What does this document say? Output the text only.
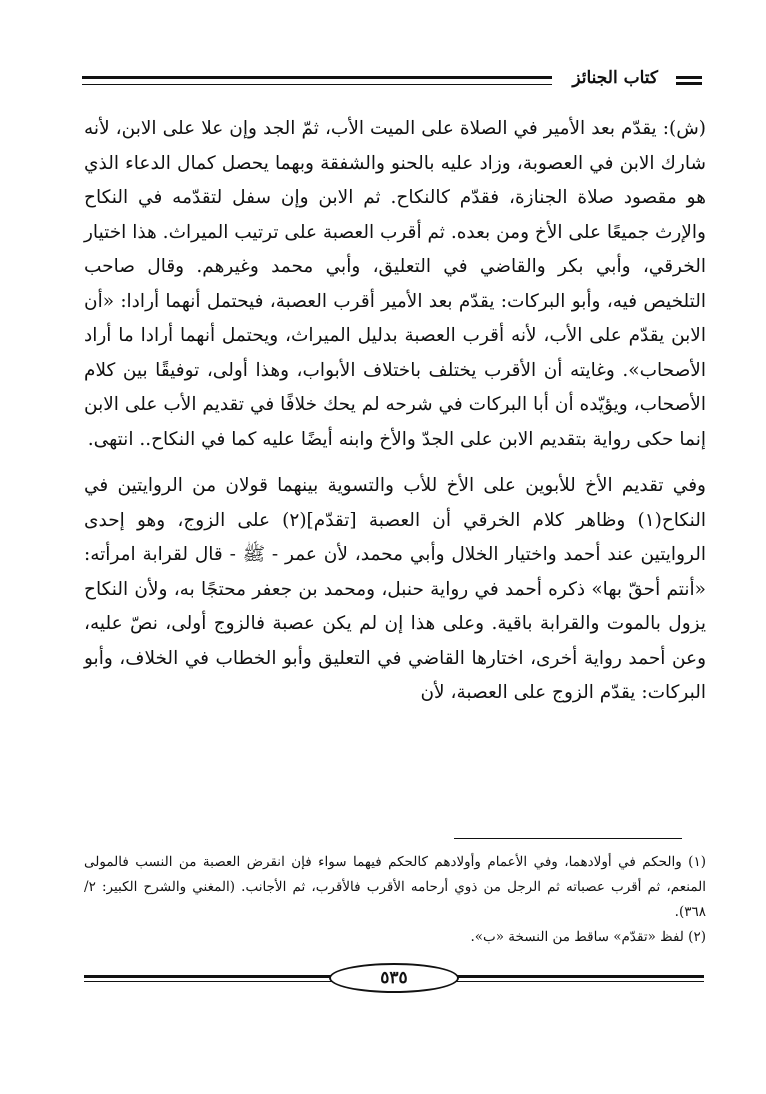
كتاب الجنائز

(ش): يقدّم بعد الأمير في الصلاة على الميت الأب، ثمّ الجد وإن علا على الابن، لأنه شارك الابن في العصوبة، وزاد عليه بالحنو والشفقة وبهما يحصل كمال الدعاء الذي هو مقصود صلاة الجنازة، فقدّم كالنكاح. ثم الابن وإن سفل لتقدّمه في النكاح والإرث جميعًا على الأخ ومن بعده. ثم أقرب العصبة على ترتيب الميراث. هذا اختيار الخرقي، وأبي بكر والقاضي في التعليق، وأبي محمد وغيرهم. وقال صاحب التلخيص فيه، وأبو البركات: يقدّم بعد الأمير أقرب العصبة، فيحتمل أنهما أرادا: «أن الابن يقدّم على الأب، لأنه أقرب العصبة بدليل الميراث، ويحتمل أنهما أرادا ما أراد الأصحاب». وغايته أن الأقرب يختلف باختلاف الأبواب، وهذا أولى، توفيقًا بين كلام الأصحاب، ويؤيّده أن أبا البركات في شرحه لم يحك خلافًا في تقديم الأب على الابن إنما حكى رواية بتقديم الابن على الجدّ والأخ وابنه أيضًا عليه كما في النكاح.. انتهى.

وفي تقديم الأخ للأبوين على الأخ للأب والتسوية بينهما قولان من الروايتين في النكاح(١) وظاهر كلام الخرقي أن العصبة [تقدّم](٢) على الزوج، وهو إحدى الروايتين عند أحمد واختيار الخلال وأبي محمد، لأن عمر - ﷺ - قال لقرابة امرأته: «أنتم أحقّ بها» ذكره أحمد في رواية حنبل، ومحمد بن جعفر محتجًا به، ولأن النكاح يزول بالموت والقرابة باقية. وعلى هذا إن لم يكن عصبة فالزوج أولى، نصّ عليه، وعن أحمد رواية أخرى، اختارها القاضي في التعليق وأبو الخطاب في الخلاف، وأبو البركات: يقدّم الزوج على العصبة، لأن

(١) والحكم في أولادهما، وفي الأعمام وأولادهم كالحكم فيهما سواء فإن انقرض العصبة من النسب فالمولى المنعم، ثم أقرب عصباته ثم الرجل من ذوي أرحامه الأقرب فالأقرب، ثم الأجانب. (المغني والشرح الكبير: ٢/ ٣٦٨).

(٢) لفظ «تقدّم» ساقط من النسخة «ب».

٥٣٥
